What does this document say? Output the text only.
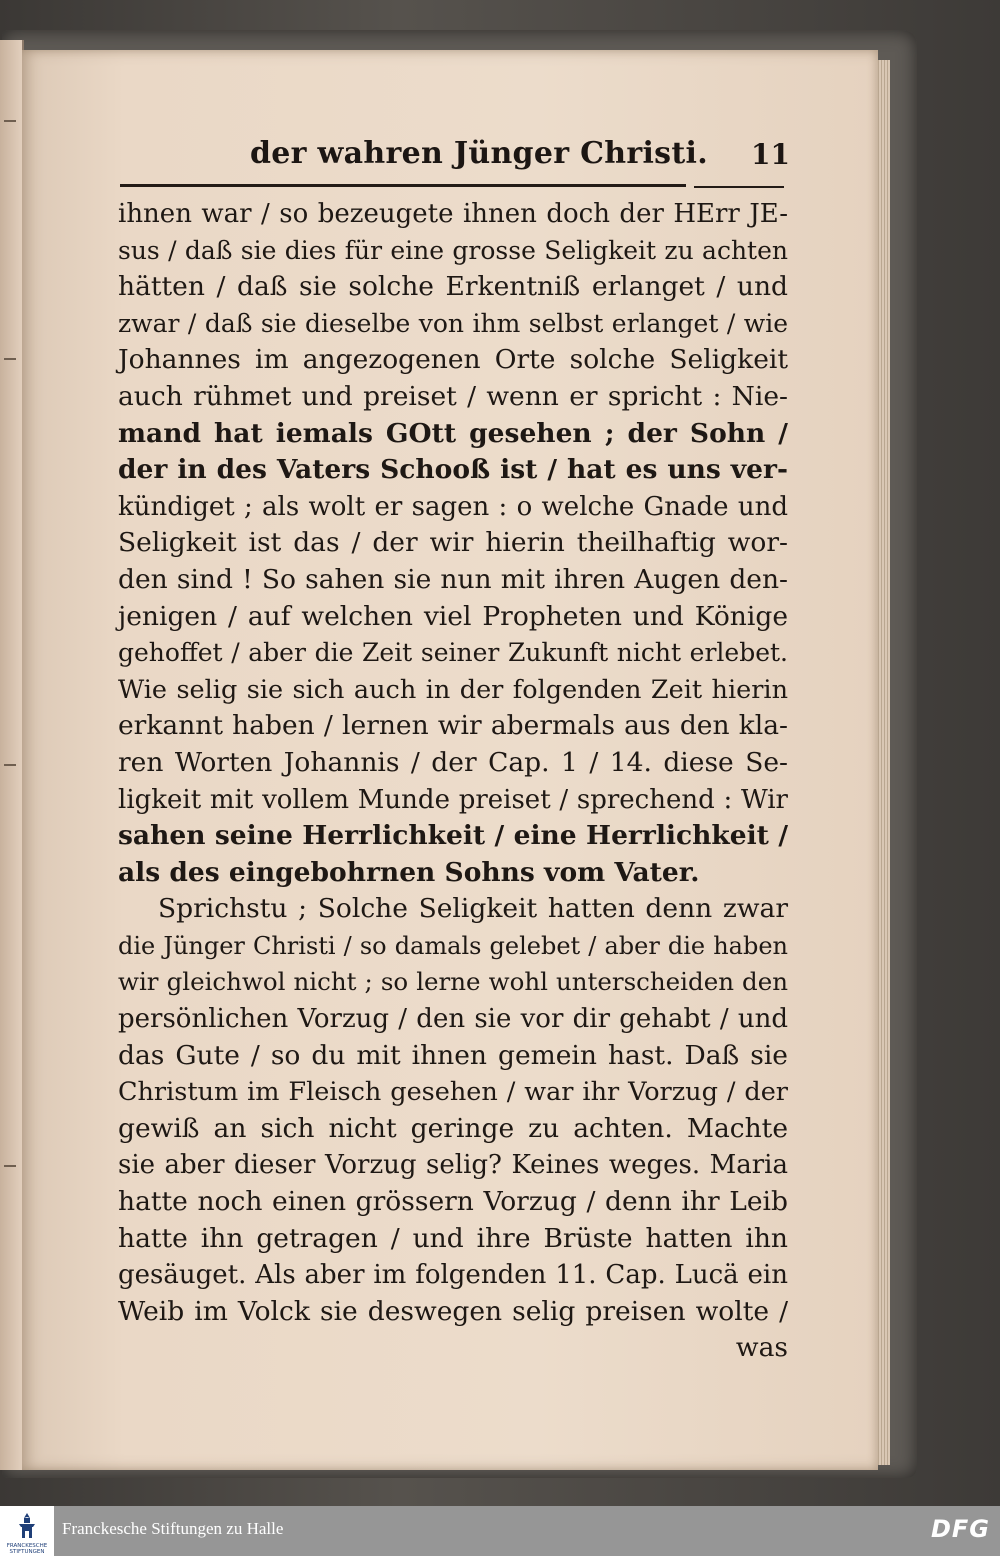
der wahren Jünger Christi. 11
ihnen war / so bezeugete ihnen doch der HErr JE-
sus / daß sie dies für eine grosse Seligkeit zu achten
hätten / daß sie solche Erkentniß erlanget / und
zwar / daß sie dieselbe von ihm selbst erlanget / wie
Johannes im angezogenen Orte solche Seligkeit
auch rühmet und preiset / wenn er spricht : Nie-
mand hat iemals GOtt gesehen ; der Sohn /
der in des Vaters Schooß ist / hat es uns ver-
kündiget ; als wolt er sagen : o welche Gnade und
Seligkeit ist das / der wir hierin theilhaftig wor-
den sind ! So sahen sie nun mit ihren Augen den-
jenigen / auf welchen viel Propheten und Könige
gehoffet / aber die Zeit seiner Zukunft nicht erlebet.
Wie selig sie sich auch in der folgenden Zeit hierin
erkannt haben / lernen wir abermals aus den kla-
ren Worten Johannis / der Cap. 1 / 14. diese Se-
ligkeit mit vollem Munde preiset / sprechend : Wir
sahen seine Herrlichkeit / eine Herrlichkeit /
als des eingebohrnen Sohns vom Vater.
Sprichstu ; Solche Seligkeit hatten denn zwar
die Jünger Christi / so damals gelebet / aber die haben
wir gleichwol nicht ; so lerne wohl unterscheiden den
persönlichen Vorzug / den sie vor dir gehabt / und
das Gute / so du mit ihnen gemein hast. Daß sie
Christum im Fleisch gesehen / war ihr Vorzug / der
gewiß an sich nicht geringe zu achten. Machte
sie aber dieser Vorzug selig? Keines weges. Maria
hatte noch einen grössern Vorzug / denn ihr Leib
hatte ihn getragen / und ihre Brüste hatten ihn
gesäuget. Als aber im folgenden 11. Cap. Lucä ein
Weib im Volck sie deswegen selig preisen wolte /
was
FRANCKESCHE STIFTUNGEN
Franckesche Stiftungen zu Halle	DFG
